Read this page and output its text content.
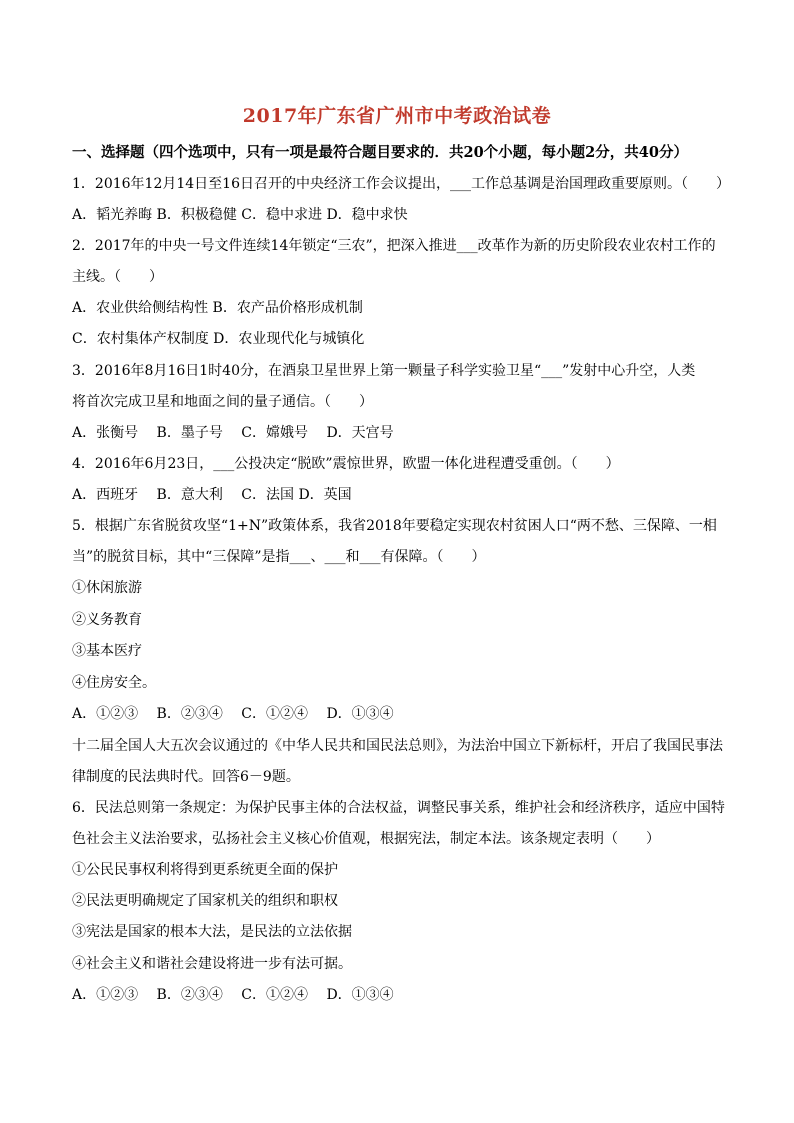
2017年广东省广州市中考政治试卷
一、选择题（四个选项中，只有一项是最符合题目要求的．共20个小题，每小题2分，共40分）
1．2016年12月14日至16日召开的中央经济工作会议提出，___工作总基调是治国理政重要原则。（　　）
A．韬光养晦 B．积极稳健 C．稳中求进 D．稳中求快
2．2017年的中央一号文件连续14年锁定“三农”，把深入推进___改革作为新的历史阶段农业农村工作的
主线。（　　）
A．农业供给侧结构性 B．农产品价格形成机制
C．农村集体产权制度 D．农业现代化与城镇化
3．2016年8月16日1时40分，在酒泉卫星世界上第一颗量子科学实验卫星“___”发射中心升空，人类
将首次完成卫星和地面之间的量子通信。（　　）
A．张衡号　 B．墨子号　 C．嫦娥号　 D．天宫号
4．2016年6月23日，___公投决定“脱欧”震惊世界，欧盟一体化进程遭受重创。（　　）
A．西班牙　 B．意大利　 C．法国 D．英国
5．根据广东省脱贫攻坚“1+N”政策体系，我省2018年要稳定实现农村贫困人口“两不愁、三保障、一相
当”的脱贫目标，其中“三保障”是指___、___和___有保障。（　　）
①休闲旅游
②义务教育
③基本医疗
④住房安全。
A．①②③　 B．②③④　 C．①②④　 D．①③④
十二届全国人大五次会议通过的《中华人民共和国民法总则》，为法治中国立下新标杆，开启了我国民事法
律制度的民法典时代。回答6－9题。
6．民法总则第一条规定：为保护民事主体的合法权益，调整民事关系，维护社会和经济秩序，适应中国特
色社会主义法治要求，弘扬社会主义核心价值观，根据宪法，制定本法。该条规定表明（　　）
①公民民事权利将得到更系统更全面的保护
②民法更明确规定了国家机关的组织和职权
③宪法是国家的根本大法，是民法的立法依据
④社会主义和谐社会建设将进一步有法可据。
A．①②③　 B．②③④　 C．①②④　 D．①③④
